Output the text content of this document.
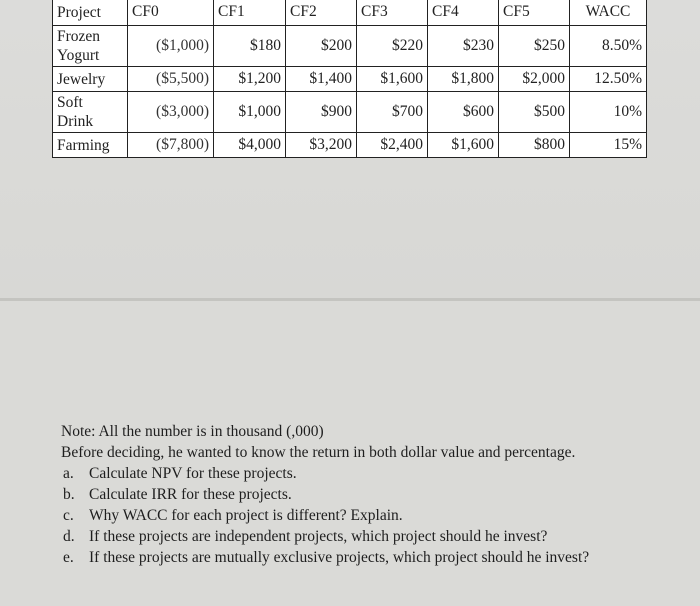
Project	CF0	CF1	CF2	CF3	CF4	CF5	WACC
Frozen
Yogurt	($1,000)	$180	$200	$220	$230	$250	8.50%
Jewelry	($5,500)	$1,200	$1,400	$1,600	$1,800	$2,000	12.50%
Soft
Drink	($3,000)	$1,000	$900	$700	$600	$500	10%
Farming	($7,800)	$4,000	$3,200	$2,400	$1,600	$800	15%

Note: All the number is in thousand (,000)

Before deciding, he wanted to know the return in both dollar value and percentage.

a. Calculate NPV for these projects.
b. Calculate IRR for these projects.
c. Why WACC for each project is different? Explain.
d. If these projects are independent projects, which project should he invest?
e. If these projects are mutually exclusive projects, which project should he invest?
